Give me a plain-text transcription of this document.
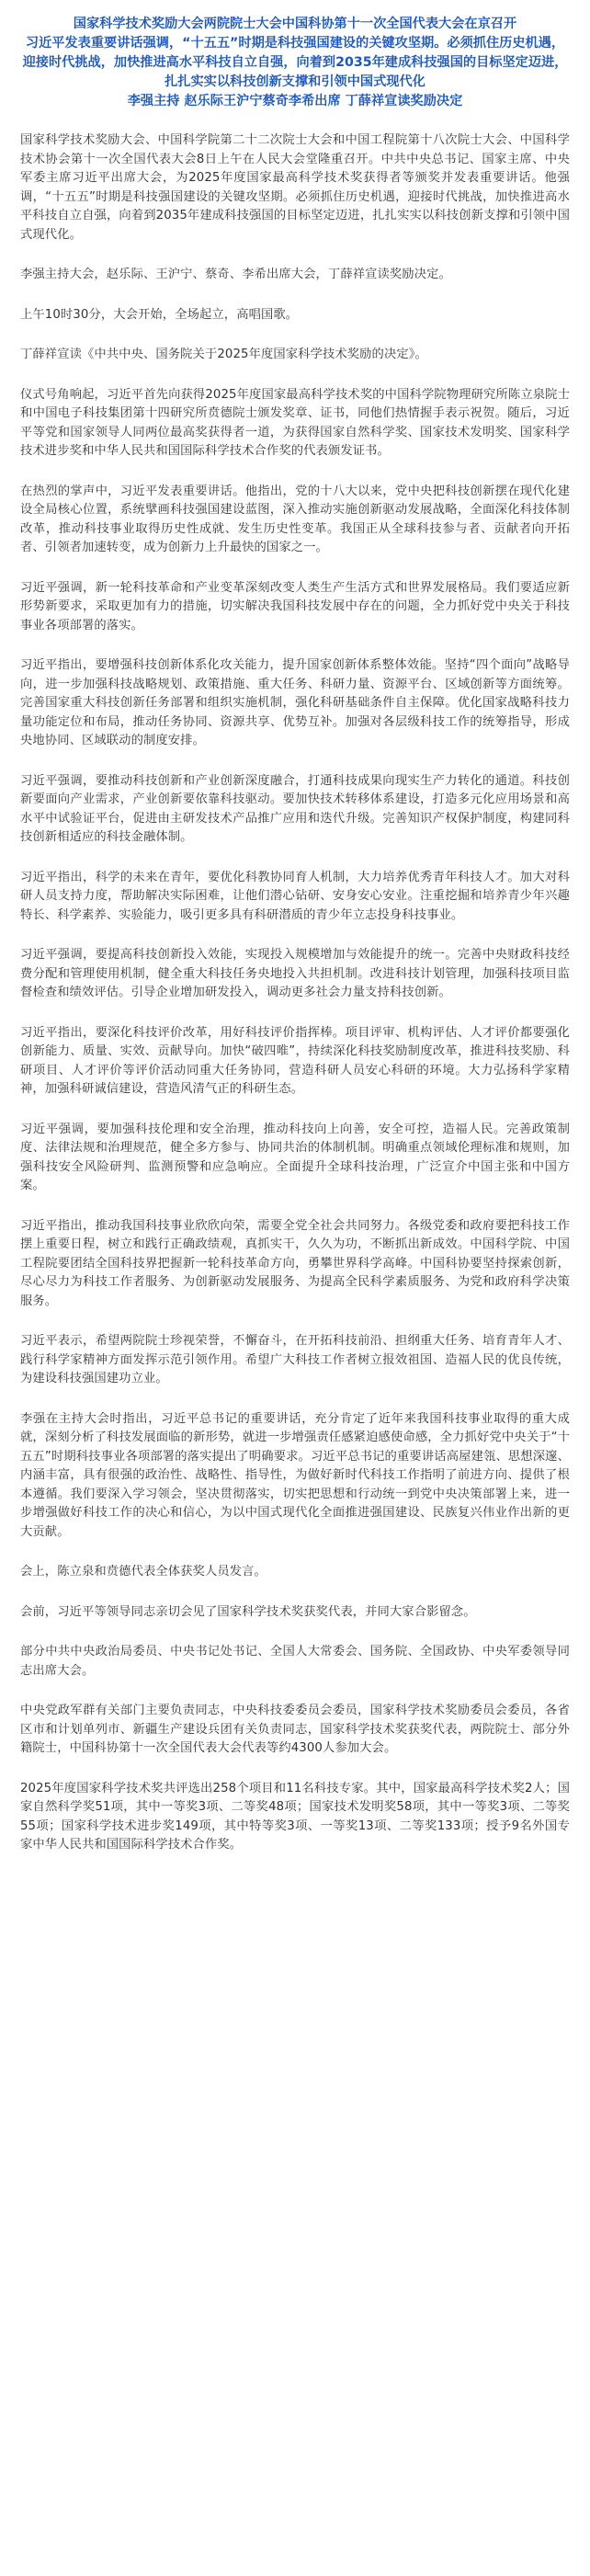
国家科学技术奖励大会两院院士大会中国科协第十一次全国代表大会在京召开
习近平发表重要讲话强调，“十五五”时期是科技强国建设的关键攻坚期。必须抓住历史机遇，迎接时代挑战，加快推进高水平科技自立自强，向着到2035年建成科技强国的目标坚定迈进，扎扎实实以科技创新支撑和引领中国式现代化
李强主持 赵乐际王沪宁蔡奇李希出席 丁薛祥宣读奖励决定

国家科学技术奖励大会、中国科学院第二十二次院士大会和中国工程院第十八次院士大会、中国科学技术协会第十一次全国代表大会8日上午在人民大会堂隆重召开。中共中央总书记、国家主席、中央军委主席习近平出席大会，为2025年度国家最高科学技术奖获得者等颁奖并发表重要讲话。他强调，“十五五”时期是科技强国建设的关键攻坚期。必须抓住历史机遇，迎接时代挑战，加快推进高水平科技自立自强，向着到2035年建成科技强国的目标坚定迈进，扎扎实实以科技创新支撑和引领中国式现代化。

李强主持大会，赵乐际、王沪宁、蔡奇、李希出席大会，丁薛祥宣读奖励决定。

上午10时30分，大会开始，全场起立，高唱国歌。

丁薛祥宣读《中共中央、国务院关于2025年度国家科学技术奖励的决定》。

仪式号角响起，习近平首先向获得2025年度国家最高科学技术奖的中国科学院物理研究所陈立泉院士和中国电子科技集团第十四研究所贲德院士颁发奖章、证书，同他们热情握手表示祝贺。随后，习近平等党和国家领导人同两位最高奖获得者一道，为获得国家自然科学奖、国家技术发明奖、国家科学技术进步奖和中华人民共和国国际科学技术合作奖的代表颁发证书。

在热烈的掌声中，习近平发表重要讲话。他指出，党的十八大以来，党中央把科技创新摆在现代化建设全局核心位置，系统擘画科技强国建设蓝图，深入推动实施创新驱动发展战略，全面深化科技体制改革，推动科技事业取得历史性成就、发生历史性变革。我国正从全球科技参与者、贡献者向开拓者、引领者加速转变，成为创新力上升最快的国家之一。

习近平强调，新一轮科技革命和产业变革深刻改变人类生产生活方式和世界发展格局。我们要适应新形势新要求，采取更加有力的措施，切实解决我国科技发展中存在的问题，全力抓好党中央关于科技事业各项部署的落实。

习近平指出，要增强科技创新体系化攻关能力，提升国家创新体系整体效能。坚持“四个面向”战略导向，进一步加强科技战略规划、政策措施、重大任务、科研力量、资源平台、区域创新等方面统筹。完善国家重大科技创新任务部署和组织实施机制，强化科研基础条件自主保障。优化国家战略科技力量功能定位和布局，推动任务协同、资源共享、优势互补。加强对各层级科技工作的统筹指导，形成央地协同、区域联动的制度安排。

习近平强调，要推动科技创新和产业创新深度融合，打通科技成果向现实生产力转化的通道。科技创新要面向产业需求，产业创新要依靠科技驱动。要加快技术转移体系建设，打造多元化应用场景和高水平中试验证平台，促进由主研发技术产品推广应用和迭代升级。完善知识产权保护制度，构建同科技创新相适应的科技金融体制。

习近平指出，科学的未来在青年，要优化科教协同育人机制，大力培养优秀青年科技人才。加大对科研人员支持力度，帮助解决实际困难，让他们潜心钻研、安身安心安业。注重挖掘和培养青少年兴趣特长、科学素养、实验能力，吸引更多具有科研潜质的青少年立志投身科技事业。

习近平强调，要提高科技创新投入效能，实现投入规模增加与效能提升的统一。完善中央财政科技经费分配和管理使用机制，健全重大科技任务央地投入共担机制。改进科技计划管理，加强科技项目监督检查和绩效评估。引导企业增加研发投入，调动更多社会力量支持科技创新。

习近平指出，要深化科技评价改革，用好科技评价指挥棒。项目评审、机构评估、人才评价都要强化创新能力、质量、实效、贡献导向。加快“破四唯”，持续深化科技奖励制度改革，推进科技奖励、科研项目、人才评价等评价活动同重大任务协同，营造科研人员安心科研的环境。大力弘扬科学家精神，加强科研诚信建设，营造风清气正的科研生态。

习近平强调，要加强科技伦理和安全治理，推动科技向上向善，安全可控，造福人民。完善政策制度、法律法规和治理规范，健全多方参与、协同共治的体制机制。明确重点领域伦理标准和规则，加强科技安全风险研判、监测预警和应急响应。全面提升全球科技治理，广泛宣介中国主张和中国方案。

习近平指出，推动我国科技事业欣欣向荣，需要全党全社会共同努力。各级党委和政府要把科技工作摆上重要日程，树立和践行正确政绩观，真抓实干，久久为功，不断抓出新成效。中国科学院、中国工程院要团结全国科技界把握新一轮科技革命方向，勇攀世界科学高峰。中国科协要坚持探索创新，尽心尽力为科技工作者服务、为创新驱动发展服务、为提高全民科学素质服务、为党和政府科学决策服务。

习近平表示，希望两院院士珍视荣誉，不懈奋斗，在开拓科技前沿、担纲重大任务、培育青年人才、践行科学家精神方面发挥示范引领作用。希望广大科技工作者树立报效祖国、造福人民的优良传统，为建设科技强国建功立业。

李强在主持大会时指出，习近平总书记的重要讲话，充分肯定了近年来我国科技事业取得的重大成就，深刻分析了科技发展面临的新形势，就进一步增强责任感紧迫感使命感，全力抓好党中央关于“十五五”时期科技事业各项部署的落实提出了明确要求。习近平总书记的重要讲话高屋建瓴、思想深邃、内涵丰富，具有很强的政治性、战略性、指导性，为做好新时代科技工作指明了前进方向、提供了根本遵循。我们要深入学习领会，坚决贯彻落实，切实把思想和行动统一到党中央决策部署上来，进一步增强做好科技工作的决心和信心，为以中国式现代化全面推进强国建设、民族复兴伟业作出新的更大贡献。

会上，陈立泉和贲德代表全体获奖人员发言。

会前，习近平等领导同志亲切会见了国家科学技术奖获奖代表，并同大家合影留念。

部分中共中央政治局委员、中央书记处书记、全国人大常委会、国务院、全国政协、中央军委领导同志出席大会。

中央党政军群有关部门主要负责同志，中央科技委委员会委员，国家科学技术奖励委员会委员，各省区市和计划单列市、新疆生产建设兵团有关负责同志，国家科学技术奖获奖代表，两院院士、部分外籍院士，中国科协第十一次全国代表大会代表等约4300人参加大会。

2025年度国家科学技术奖共评选出258个项目和11名科技专家。其中，国家最高科学技术奖2人；国家自然科学奖51项，其中一等奖3项、二等奖48项；国家技术发明奖58项，其中一等奖3项、二等奖55项；国家科学技术进步奖149项，其中特等奖3项、一等奖13项、二等奖133项；授予9名外国专家中华人民共和国国际科学技术合作奖。
